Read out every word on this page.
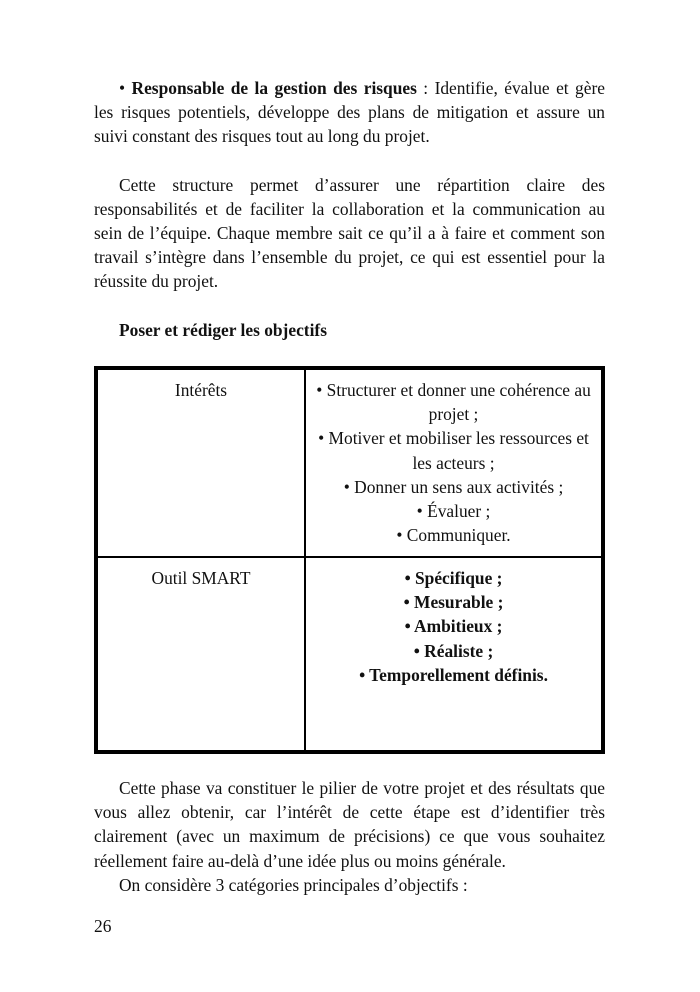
• Responsable de la gestion des risques : Identifie, évalue et gère les risques potentiels, développe des plans de mitigation et assure un suivi constant des risques tout au long du projet.

Cette structure permet d’assurer une répartition claire des responsabilités et de faciliter la collaboration et la communication au sein de l’équipe. Chaque membre sait ce qu’il a à faire et comment son travail s’intègre dans l’ensemble du projet, ce qui est essentiel pour la réussite du projet.

Poser et rédiger les objectifs

Intérêts	• Structurer et donner une cohérence au projet ;
• Motiver et mobiliser les ressources et les acteurs ;
• Donner un sens aux activités ;
• Évaluer ;
• Communiquer.

Outil SMART	• Spécifique ;
• Mesurable ;
• Ambitieux ;
• Réaliste ;
• Temporellement définis.

Cette phase va constituer le pilier de votre projet et des résultats que vous allez obtenir, car l’intérêt de cette étape est d’identifier très clairement (avec un maximum de précisions) ce que vous souhaitez réellement faire au-delà d’une idée plus ou moins générale.

On considère 3 catégories principales d’objectifs :

26
